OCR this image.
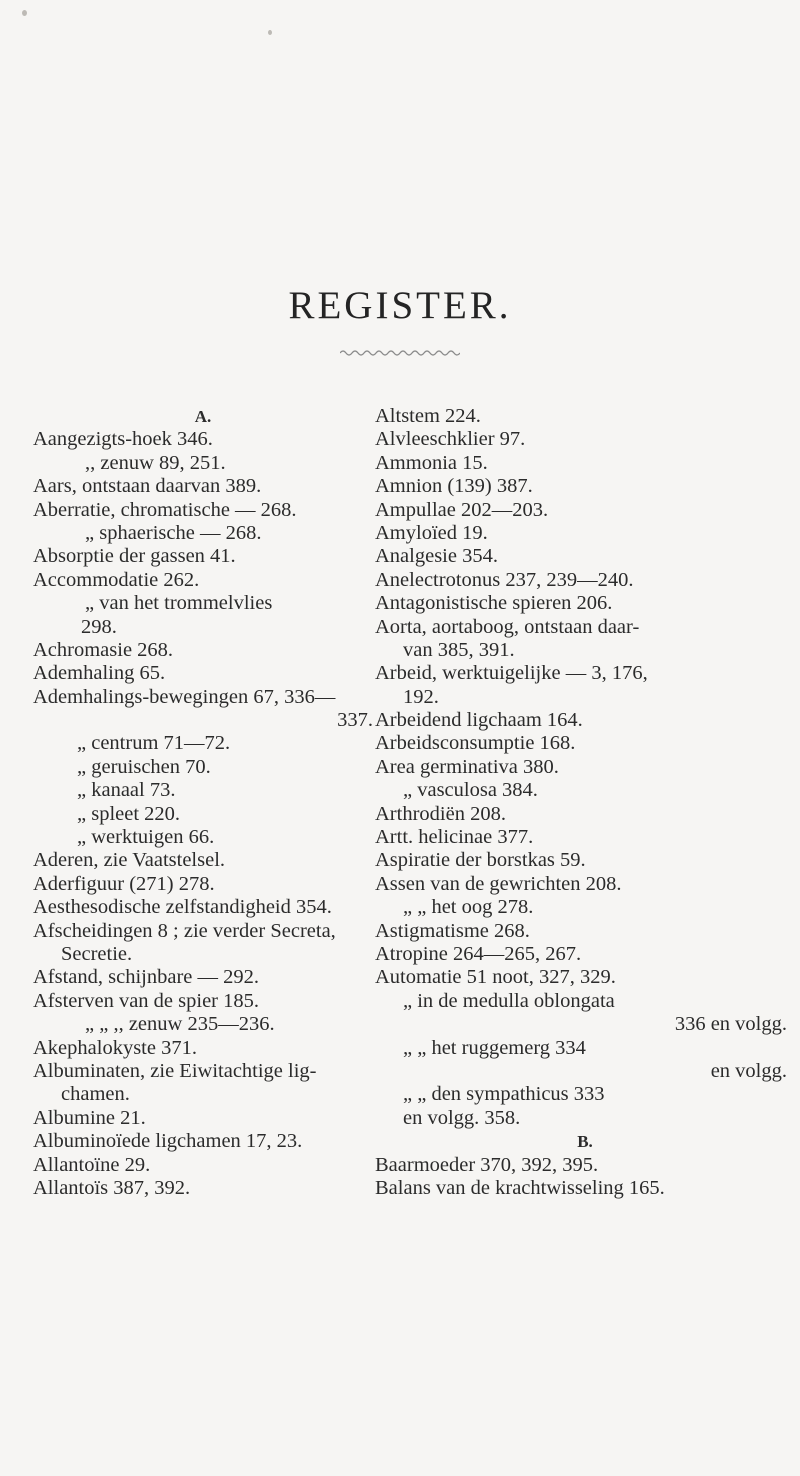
REGISTER.
A.
Aangezigts-hoek 346.
,, zenuw 89, 251.
Aars, ontstaan daarvan 389.
Aberratie, chromatische — 268.
„ sphaerische — 268.
Absorptie der gassen 41.
Accommodatie 262.
„ van het trommelvlies
298.
Achromasie 268.
Ademhaling 65.
Ademhalings-bewegingen 67, 336—
337.
„ centrum 71—72.
„ geruischen 70.
„ kanaal 73.
„ spleet 220.
„ werktuigen 66.
Aderen, zie Vaatstelsel.
Aderfiguur (271) 278.
Aesthesodische zelfstandigheid 354.
Afscheidingen 8 ; zie verder Secreta,
Secretie.
Afstand, schijnbare — 292.
Afsterven van de spier 185.
„ „ ,, zenuw 235—236.
Akephalokyste 371.
Albuminaten, zie Eiwitachtige lig-
chamen.
Albumine 21.
Albuminoïede ligchamen 17, 23.
Allantoïne 29.
Allantoïs 387, 392.
Altstem 224.
Alvleeschklier 97.
Ammonia 15.
Amnion (139) 387.
Ampullae 202—203.
Amyloïed 19.
Analgesie 354.
Anelectrotonus 237, 239—240.
Antagonistische spieren 206.
Aorta, aortaboog, ontstaan daar-
van 385, 391.
Arbeid, werktuigelijke — 3, 176,
192.
Arbeidend ligchaam 164.
Arbeidsconsumptie 168.
Area germinativa 380.
„ vasculosa 384.
Arthrodiën 208.
Artt. helicinae 377.
Aspiratie der borstkas 59.
Assen van de gewrichten 208.
„ „ het oog 278.
Astigmatisme 268.
Atropine 264—265, 267.
Automatie 51 noot, 327, 329.
„ in de medulla oblongata
336 en volgg.
„ „ het ruggemerg 334
en volgg.
„ „ den sympathicus 333
en volgg. 358.
B.
Baarmoeder 370, 392, 395.
Balans van de krachtwisseling 165.
